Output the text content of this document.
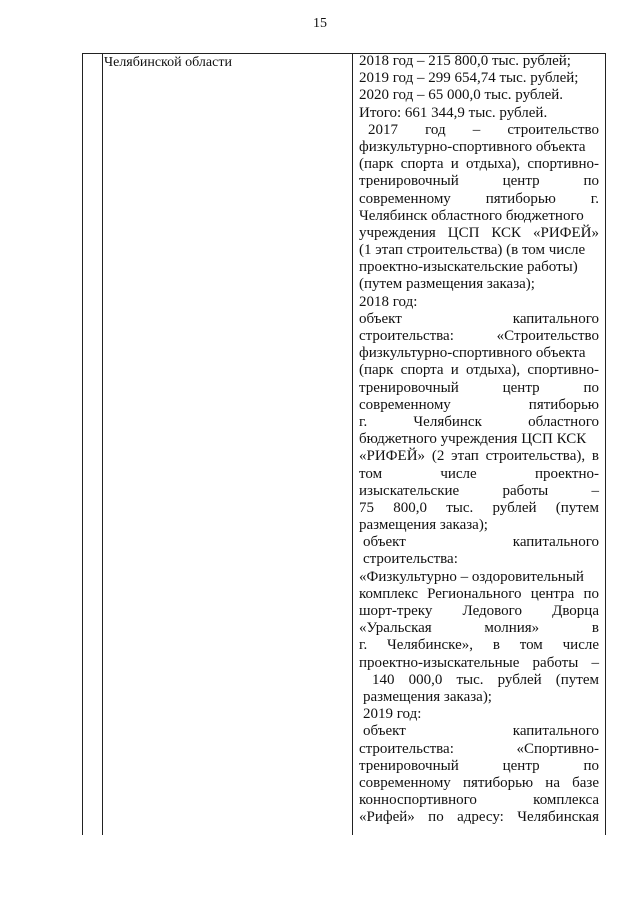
15
Челябинской области	2018 год – 215 800,0 тыс. рублей;
2019 год – 299 654,74 тыс. рублей;
2020 год – 65 000,0 тыс. рублей.
Итого: 661 344,9 тыс. рублей.
2017 год – строительство
физкультурно-спортивного объекта
(парк спорта и отдыха), спортивно-
тренировочный центр по
современному пятиборью г.
Челябинск областного бюджетного
учреждения ЦСП КСК «РИФЕЙ»
(1 этап строительства) (в том числе
проектно-изыскательские работы)
(путем размещения заказа);
2018 год:
объект капитального
строительства: «Строительство
физкультурно-спортивного объекта
(парк спорта и отдыха), спортивно-
тренировочный центр по
современному пятиборью
г. Челябинск областного
бюджетного учреждения ЦСП КСК
«РИФЕЙ» (2 этап строительства), в
том числе проектно-
изыскательские работы –
75 800,0 тыс. рублей (путем
размещения заказа);
объект капитального
строительства:
«Физкультурно – оздоровительный
комплекс Регионального центра по
шорт-треку Ледового Дворца
«Уральская молния» в
г. Челябинске», в том числе
проектно-изыскательные работы –
140 000,0 тыс. рублей (путем
размещения заказа);
2019 год:
объект капитального
строительства: «Спортивно-
тренировочный центр по
современному пятиборью на базе
конноспортивного комплекса
«Рифей» по адресу: Челябинская
